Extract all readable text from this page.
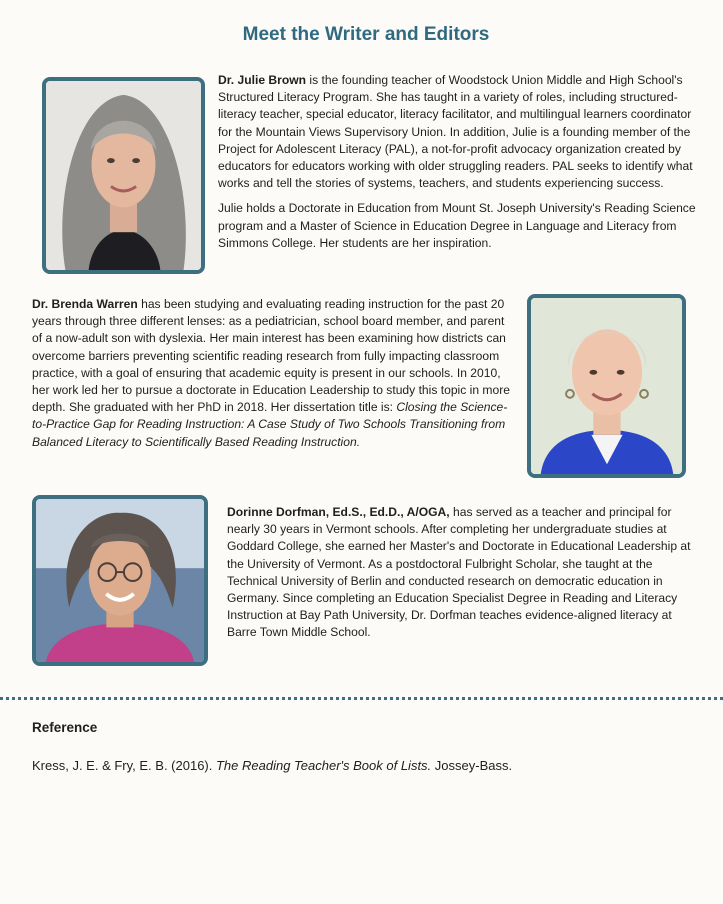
Meet the Writer and Editors

Dr. Julie Brown is the founding teacher of Woodstock Union Middle and High School's Structured Literacy Program. She has taught in a variety of roles, including structured-literacy teacher, special educator, literacy facilitator, and multilingual learners coordinator for the Mountain Views Supervisory Union. In addition, Julie is a founding member of the Project for Adolescent Literacy (PAL), a not-for-profit advocacy organization created by educators for educators working with older struggling readers. PAL seeks to identify what works and tell the stories of systems, teachers, and students experiencing success.

Julie holds a Doctorate in Education from Mount St. Joseph University's Reading Science program and a Master of Science in Education Degree in Language and Literacy from Simmons College. Her students are her inspiration.

Dr. Brenda Warren has been studying and evaluating reading instruction for the past 20 years through three different lenses: as a pediatrician, school board member, and parent of a now-adult son with dyslexia. Her main interest has been examining how districts can overcome barriers preventing scientific reading research from fully impacting classroom practice, with a goal of ensuring that academic equity is present in our schools. In 2010, her work led her to pursue a doctorate in Education Leadership to study this topic in more depth. She graduated with her PhD in 2018. Her dissertation title is: Closing the Science-to-Practice Gap for Reading Instruction: A Case Study of Two Schools Transitioning from Balanced Literacy to Scientifically Based Reading Instruction.

Dorinne Dorfman, Ed.S., Ed.D., A/OGA, has served as a teacher and principal for nearly 30 years in Vermont schools. After completing her undergraduate studies at Goddard College, she earned her Master's and Doctorate in Educational Leadership at the University of Vermont. As a postdoctoral Fulbright Scholar, she taught at the Technical University of Berlin and conducted research on democratic education in Germany. Since completing an Education Specialist Degree in Reading and Literacy Instruction at Bay Path University, Dr. Dorfman teaches evidence-aligned literacy at Barre Town Middle School.

Reference
Kress, J. E. & Fry, E. B. (2016). The Reading Teacher's Book of Lists. Jossey-Bass.
